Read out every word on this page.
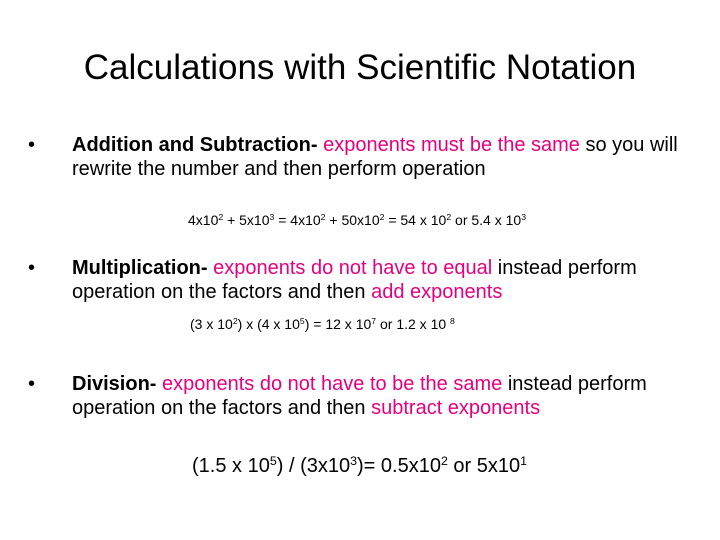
Calculations with Scientific Notation
• Addition and Subtraction- exponents must be the same so you will rewrite the number and then perform operation
$4x10^2 + 5x10^3 = 4x10^2 + 50x10^2 = 54$ x $10^2$ or 5.4 x $10^3$
• Multiplication- exponents do not have to equal instead perform operation on the factors and then add exponents
(3 x $10^2$) x (4 x $10^5) = 12$ x $10^7$ or 1.2 x 10 $^8$
• Division- exponents do not have to be the same instead perform operation on the factors and then subtract exponents
(1.5 x $10^5) / (3x10^3)= 0.5x10^2$ or $5x10^1$
